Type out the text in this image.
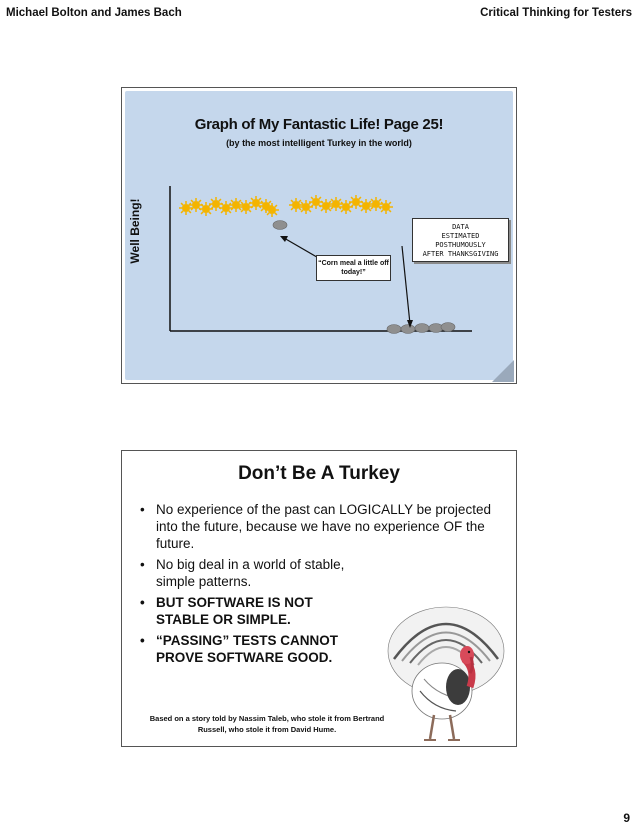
Michael Bolton and James Bach	Critical Thinking for Testers
Graph of My Fantastic Life! Page 25!
(by the most intelligent Turkey in the world)
Well Being!	“Corn meal a little off today!”
DATA
ESTIMATED
POSTHUMOUSLY
AFTER THANKSGIVING
Don’t Be A Turkey
• No experience of the past can LOGICALLY be projected into the future, because we have no experience OF the future.
• No big deal in a world of stable, simple patterns.
• BUT SOFTWARE IS NOT STABLE OR SIMPLE.
• “PASSING” TESTS CANNOT PROVE SOFTWARE GOOD.
Based on a story told by Nassim Taleb, who stole it from Bertrand Russell, who stole it from David Hume.
9
